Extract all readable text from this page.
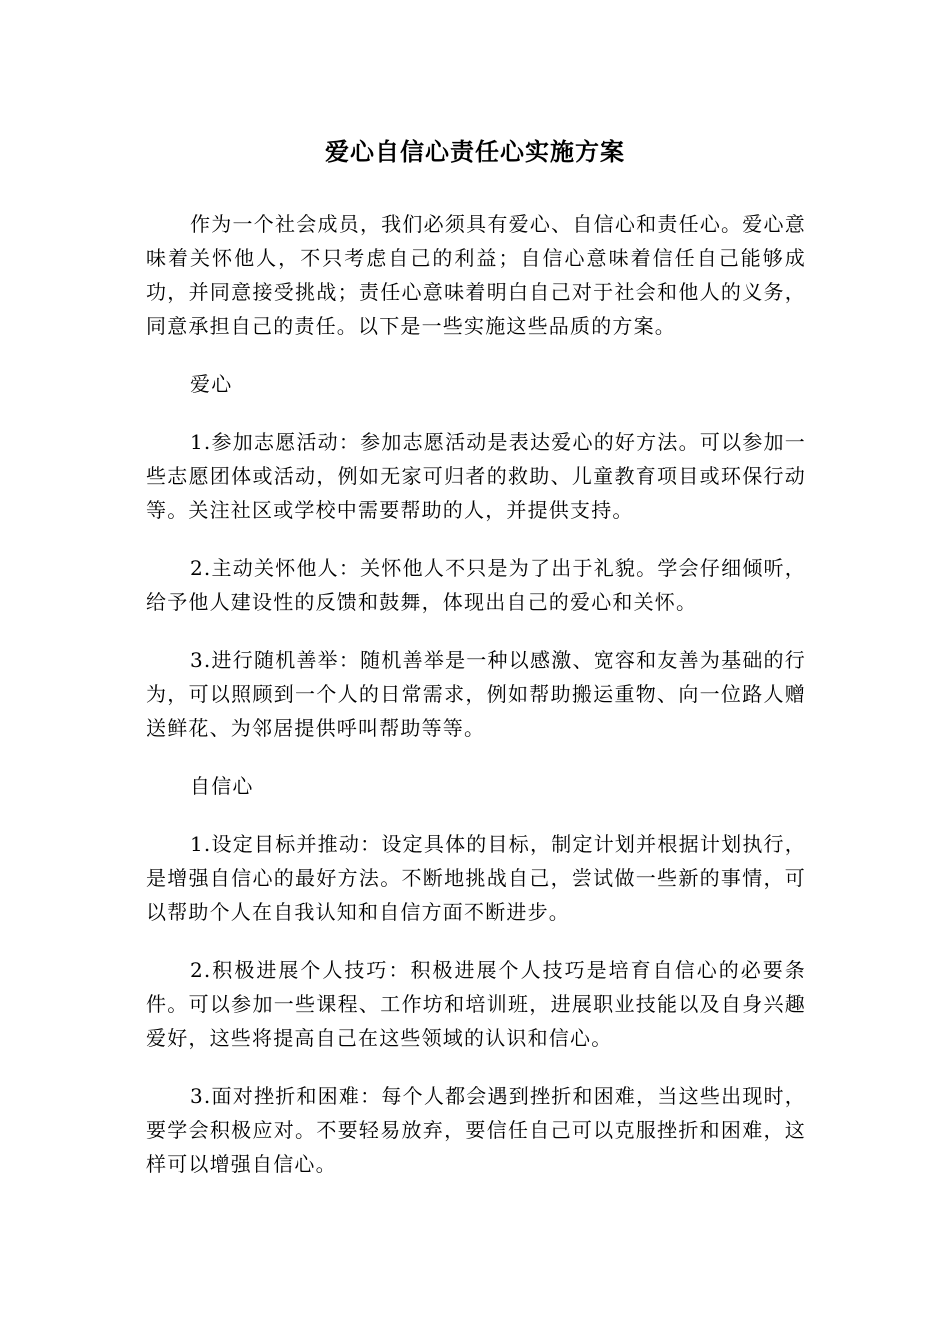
爱心自信心责任心实施方案

作为一个社会成员，我们必须具有爱心、自信心和责任心。爱心意味着关怀他人，不只考虑自己的利益；自信心意味着信任自己能够成功，并同意接受挑战；责任心意味着明白自己对于社会和他人的义务，同意承担自己的责任。以下是一些实施这些品质的方案。

爱心

1.参加志愿活动：参加志愿活动是表达爱心的好方法。可以参加一些志愿团体或活动，例如无家可归者的救助、儿童教育项目或环保行动等。关注社区或学校中需要帮助的人，并提供支持。

2.主动关怀他人：关怀他人不只是为了出于礼貌。学会仔细倾听，给予他人建设性的反馈和鼓舞，体现出自己的爱心和关怀。

3.进行随机善举：随机善举是一种以感激、宽容和友善为基础的行为，可以照顾到一个人的日常需求，例如帮助搬运重物、向一位路人赠送鲜花、为邻居提供呼叫帮助等等。

自信心

1.设定目标并推动：设定具体的目标，制定计划并根据计划执行，是增强自信心的最好方法。不断地挑战自己，尝试做一些新的事情，可以帮助个人在自我认知和自信方面不断进步。

2.积极进展个人技巧：积极进展个人技巧是培育自信心的必要条件。可以参加一些课程、工作坊和培训班，进展职业技能以及自身兴趣爱好，这些将提高自己在这些领域的认识和信心。

3.面对挫折和困难：每个人都会遇到挫折和困难，当这些出现时，要学会积极应对。不要轻易放弃，要信任自己可以克服挫折和困难，这样可以增强自信心。
